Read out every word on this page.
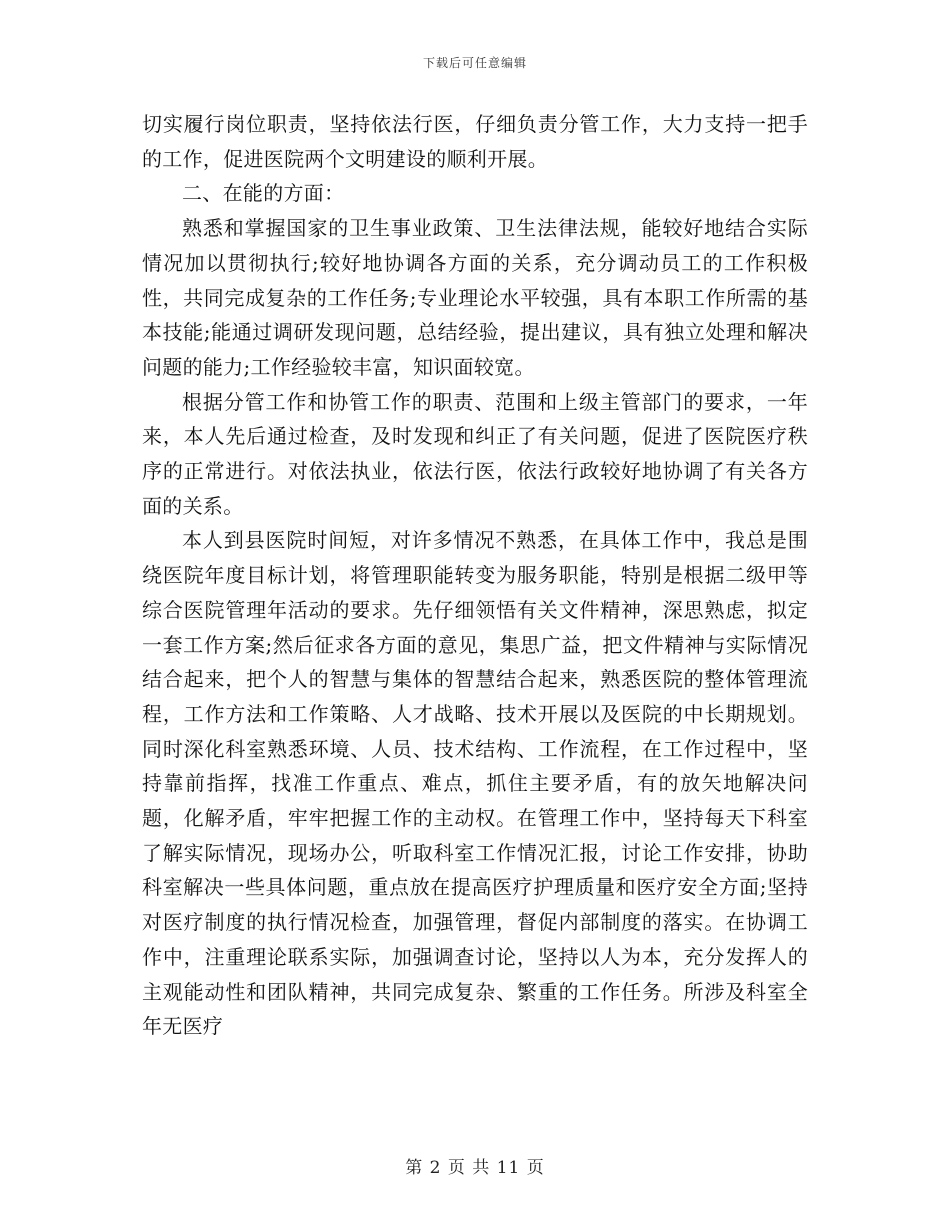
下载后可任意编辑

切实履行岗位职责，坚持依法行医，仔细负责分管工作，大力支持一把手的工作，促进医院两个文明建设的顺利开展。

二、在能的方面：

熟悉和掌握国家的卫生事业政策、卫生法律法规，能较好地结合实际情况加以贯彻执行;较好地协调各方面的关系，充分调动员工的工作积极性，共同完成复杂的工作任务;专业理论水平较强，具有本职工作所需的基本技能;能通过调研发现问题，总结经验，提出建议，具有独立处理和解决问题的能力;工作经验较丰富，知识面较宽。

根据分管工作和协管工作的职责、范围和上级主管部门的要求，一年来，本人先后通过检查，及时发现和纠正了有关问题，促进了医院医疗秩序的正常进行。对依法执业，依法行医，依法行政较好地协调了有关各方面的关系。

本人到县医院时间短，对许多情况不熟悉，在具体工作中，我总是围绕医院年度目标计划，将管理职能转变为服务职能，特别是根据二级甲等综合医院管理年活动的要求。先仔细领悟有关文件精神，深思熟虑，拟定一套工作方案;然后征求各方面的意见，集思广益，把文件精神与实际情况结合起来，把个人的智慧与集体的智慧结合起来，熟悉医院的整体管理流程，工作方法和工作策略、人才战略、技术开展以及医院的中长期规划。同时深化科室熟悉环境、人员、技术结构、工作流程，在工作过程中，坚持靠前指挥，找准工作重点、难点，抓住主要矛盾，有的放矢地解决问题，化解矛盾，牢牢把握工作的主动权。在管理工作中，坚持每天下科室了解实际情况，现场办公，听取科室工作情况汇报，讨论工作安排，协助科室解决一些具体问题，重点放在提高医疗护理质量和医疗安全方面;坚持对医疗制度的执行情况检查，加强管理，督促内部制度的落实。在协调工作中，注重理论联系实际，加强调查讨论，坚持以人为本，充分发挥人的主观能动性和团队精神，共同完成复杂、繁重的工作任务。所涉及科室全年无医疗

第 2 页 共 11 页
